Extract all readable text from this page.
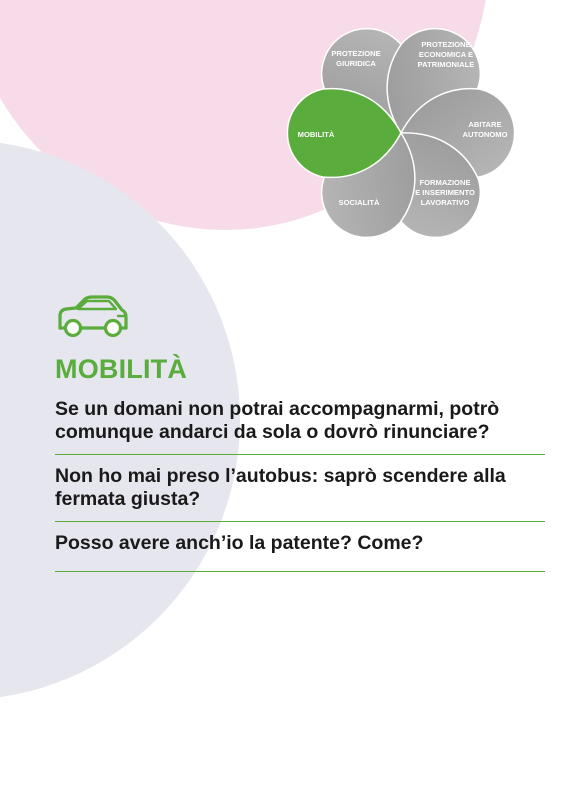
PROTEZIONE
GIURIDICA
PROTEZIONE
ECONOMICA E
PATRIMONIALE
ABITARE
AUTONOMO
FORMAZIONE
E INSERIMENTO
LAVORATIVO
SOCIALITÀ
MOBILITÀ
MOBILITÀ
Se un domani non potrai accompagnarmi, potrò comunque andarci da sola o dovrò rinunciare?
Non ho mai preso l’autobus: saprò scendere alla fermata giusta?
Posso avere anch’io la patente? Come?
